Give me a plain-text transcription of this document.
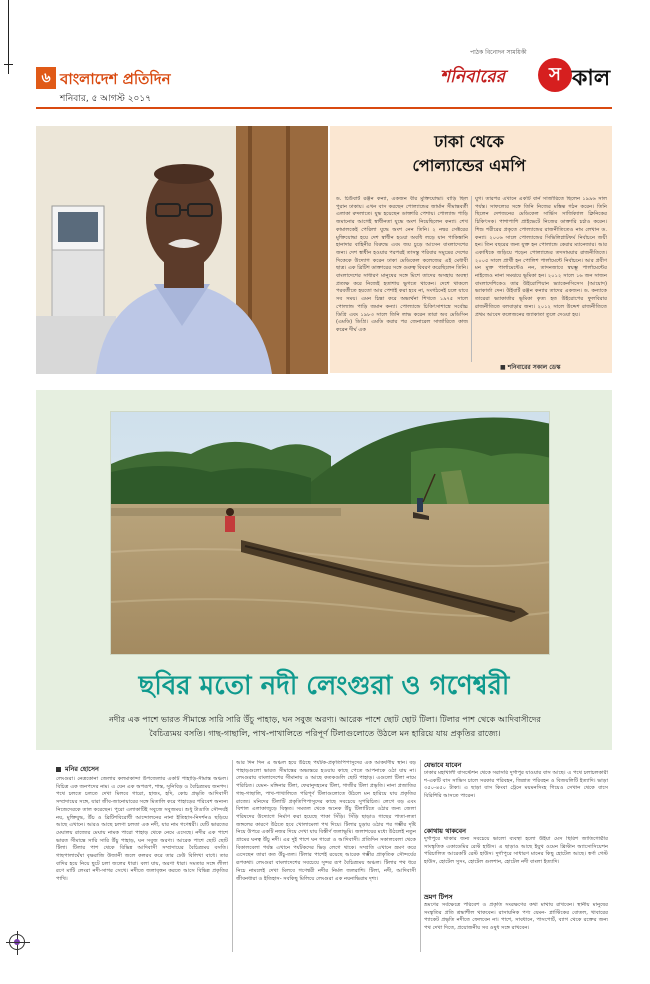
৬ বাংলাদেশ প্রতিদিন
শনিবার, ৫ আগস্ট ২০১৭
পাঠক বিনোদন সাময়িকী
শনিবারের	স কাল
ঢাকা থেকে
পোল্যান্ডের এমপি
ড. চিউবার্ট রঞ্জন কন্যা, একজন বীর মুক্তিযোদ্ধা। বাড়ি ছিল পুরান ঢাকায়। এখন বাস করছেন পোল্যান্ডের জার্মান সীমান্তবর্তী এলাকা রুদলাতে। যুদ্ধ হয়েছেন ডাক্তারি পেশায়। পোল্যান্ড পাড়ি জমানোর আগেই স্বাধীনতা যুদ্ধে অংশ নিয়েছিলেন কন্যা। শেখ কামালকেই পেরিলা যুদ্ধে অংশ নেন তিনি। ২ নম্বর সেক্টরের মুক্তিযোদ্ধা হয়ে দেশ স্বাধীন হওয়া অবধি লড়ে যান পাকিস্তানি হানাদার বাহিনীর বিরুদ্ধে এবং জয় চুড়ে আসেন বাংলাদেশের জন্য। দেশ স্বাধীন হওয়ার পরপরই তাসন্তু পরিবার সমুদ্রের দেশের দিকেকে উদ্যোগ করেন ঢাকা মেডিকেল কলেজের এই মেধাবী ছাত্র। এক ব্রিটিশ ডাক্তারের সঙ্গে গুরুত্ব বিবরণ করেছিলেন তিনি। বাংলাদেশের সাধারণ মানুষের সঙ্গে মিশে তাদের অসহায় অবস্থা প্রত্যক্ষ করে নিজেই হতাশায় ভুগতে থাকেন। দেশে থাকলে পরবর্তীতে হয়তো আর পেশাই করা হবে না, সংগঠনেই চলে যাবে সব সময়। এমন চিন্তা করে অভ্যর্থনা শিখতে ১৯৭৫ সালে পোল্যান্ড পাড়ি জমান কন্যা। পোল্যান্ডে চিকিৎসাশাস্ত্রে সর্বোচ্চ ডিগ্রি এবং ১৯৮৩ সালে তিনি লাভ করেন তারা অব মেডিসিন (এমডি) ডিগ্রি। এমডি করার পর জেনারেল সার্জারিতে কাজ করেন দীর্ঘ এক
যুগ। তারপর এখানে একটি বার্ন সার্জারিতে ছিলেন ১৯৯৬ সাল পর্যন্ত। সাফল্যের সঙ্গে তিনি নিজের মস্তিষ্ক গঠন করেন। তিনি ছিলেন দেশজনের মেডিকেল সার্ভিস সার্জিক্যাল ক্লিনিকের চিকিৎসক। পাশাপাশি প্রাইভেটে নিজের ডাক্তারি চর্চাও করেন। শিশু শরীরের প্রকৃতে পোল্যান্ডের রাজনীতিতেও নাম লেখান ড. কন্যা। ২০০৬ সালে পোল্যান্ডের সিভিলিপ্লাটফর্ম নির্বাচনে জয়ী হন। তিন বছরের জন্য যুক্ত হন পোলান্ডে কেরার ম্যানেজার। আর একাধিকে জড়িয়ে পড়েন পোল্যান্ডের তদসাময়ার রাজনীতিতে। ২০০৫ সালে প্রার্থী হন পোলিশ পার্লামেন্টে নির্বাচনে। আর প্রবীণ মন মুক্ত পার্লামেন্টেও নন, তাদনজাবে স্বয়ম্ভূ পার্লামেন্টের নাইজেও নানা সমঝয়ে ভূমিকা হন। ২০১২ সালে ১৬ জন সাজন বাংলাদেশিকেও তার উইরোপিয়ান ভ্যাকেনসিসেস (আয়োদ) ভ্যাকার্তা দেন। উইবার্ট রঞ্জন কন্যার তাদের একজন। ড. কন্যাকে তারেরা ভ্যাকার্তার ভূমিকা কৃত্য হত উইরোপের ফুলবিরার রাজনীতিতে বলবাড়ার জন্য। ২০১২ সালে উদ্দেশ রাজনীতিতে প্রথম আবেদ কলেজনের জ্যাকাতা তুলে দেওয়া হয়।
■ শনিবারের সকাল ডেস্ক
ছবির মতো নদী লেংগুরা ও গণেশ্বরী
নদীর এক পাশে ভারত সীমান্তে সারি সারি উঁচু পাহাড়, ঘন সবুজ অরণ্য। আরেক পাশে ছোট ছোট টিলা। টিলার পাশ থেকে আদিবাসীদের
বৈচিত্র্যময় বসতি। গাছ-গাছালি, পাখ-পাখালিতে পরিপূর্ণ টিলাগুলোতে উঠলে মন হারিয়ে যায় প্রকৃতির রাজ্যে।
মনির হোসেন
লেংগুরা। নেত্রকোনা জেলার কলমাকান্দা উপজেলার একটি পাহাড়ি-সীমান্ত অঞ্চল। বিচিত্র এক জনপদের নাম। এ যেন এক অপরূপ, শান্ত, সুনিবিড় ও বৈচিত্র্যময় জনপদ। পথে চলতে চলতে দেখা মিলবে গারো, হাজং, হদি, কোচ প্রভৃতি আদিবাসী সম্প্রদায়ের সঙ্গে, যারা জীব-জানোয়ারের সঙ্গে মিতালি করে পাহাড়ের পরিবেশ অন্যন্য নিজেদেরকে তাল করেছেন। পুরো এলাকাটিই সবুজে সবুজময়। শুধু টাঙাতি সৌন্দর্যই নয়, মুক্তিযুদ্ধ, উঁচ ও ব্রিটিশবিরোধী আন্দোলনের নানা ইতিহাস-নিদর্শনও ছড়িয়ে আছে এখানে। আরও আছে চলণা চলতা এক নদী, যার নাম গণেশ্বরী। যেটি ভারতের মেঘালয় রাজ্যের মেঘায় নামক পারো পাহাড় থেকে নেমে এসেছে। নদীর এক পাশে ভারত সীমান্তে সারি সারি উঁচু পাহাড়, ঘন সবুজ অরণ্য। আরেক পাশে ছোট ছোট টিলা। টিলার পাশ থেকে বিভিন্ন আদিবাসী সম্প্রদায়ের বৈচিত্র্যময় বসতি। গাছপালাঘেঁষা বৃক্ষরাজি উজানী জলে কলরব করে তার ঢেউ বিলিখা বাধে। তার বাদির হয়ে নিয়ে ছুটে চলা জলের ধারা। বলা যায়, অরণা ধারা। সমতার সঙ্গে লীলা রণে মাটি লেংরা নদী-সাগর সেখে। নদীতে জলাবৃত্তন করতে আসে বিভিন্ন প্রকৃতির পাখি।
আর দিন দিন এ অঞ্চল হয়ে উঠছে পর্যটক-প্রকৃতিপিপাসুদের এক আকর্ষণীয় স্থান। বড় পাহাড়গুলো ভারত সীমান্তের অভ্যন্তরে হওয়ায় কাছে পেতে আপনাকে ওঠা যায় না। লেংগুরায় বাংলাদেশের সীমানায় ও আছে কতকগুলি ছোট পাহাড়। এগুলো টিলা নামে পরিচিত। যেমন- মঙ্গিনার টিলা, ফেরানুদহনের টিলা, গাজীর টিলা প্রভৃতি। নানা প্রজাতির গাছ-গাছালি, পাখ-পাখালিতে পরিপূর্ণ টিলাগুলোতে উঠলে মন হারিয়ে যায় প্রকৃতির রাজ্যে। মনিদের টিলাটি প্রকৃতিপিপাসুদের কাছে সবচেয়ে সুপরিচিত। লেগে বড় এবং বিশাল এলাকাজুড়ে বিস্তৃত। সমতল থেকে অনেক উঁচু টিলাটিতে ওঠার জন্য জেলা পরিষদের উদ্যোগে নির্মাণ করা হয়েছে পাকা সিঁড়ি। সিঁড়ি ছাড়াও গাছের পাতা-লতা জঙ্গলের কারণে উঠতে হবে খোলামেলা পথ দিয়ে। টিলার চূড়ায় ওঠার পর গম্ভীর দৃষ্টি নিয়ে উপরে একটি নজর দিয়ে দেখা যায় বিস্তীর্ণ জলাভূমি। জলাশয়ের মধ্যে উঠলেই নতুন গ্রামের ঘনত্ব উঁচু নদী। এর দুই পাশে ঘন গারো ও আদিবাসী। প্রতিদিন সকালবেলা থেকে বিকালবেলা পর্যন্ত এখানে পর্যটকদের ভিড় লেগে থাকে। সম্প্রতি এখানে ভ্রমণ করে এসেছেন তারা কত উঁচু-তল। টিলার পাশেই রয়েছে আরেক গম্ভীর প্রাকৃতিক সৌন্দর্যের রূপকথা। লেংগুরা বাংলাদেশের সবচেয়ে সুন্দর রূপ বৈচিত্র্যময় অঞ্চল। টিলার পথ ধরে নিচে নামলেই দেখা মিলবে গণেশ্বরী নদীর নির্মল জলরাশি। টিলা, নদী, আদিবাসী জীবনধারা ও ইতিহাস- সবকিছু মিলিয়ে লেংগুরা এক নয়নাভিরাম দৃশ্য।
যেভাবে যাবেন
ঢাকার মহাখালী বাসস্টেশন থেকে সরাসরি দুর্গাপুর যাওয়ার বাস আছে। এ পথে চলাচলকারী শ-একটি বাস সাভিস চালে সরকার পরিবহন, জিন্নাত পরিবহন ও বিজয়লিটি ইত্যাদি। ভাড়া ৩৫০-৪৫০ টাকা। এ ছাড়া বাস কিংবা ট্রেনে ময়মনসিংহ গিয়েও সেখান থেকে বাসে বিরিশিরি আসতে পারেন।
কোথায় থাকবেন
দুর্গাপুরে থাকার জন্য সবচেয়ে ভালো ব্যবস্থা হলো উইয়া মেস ছিরিশ জাতিগোষ্ঠীর সাংস্কৃতিক একাডেমির রেস্ট হাউস। এ ছাড়াও আছে ইয়ুথ ওমেন খ্রিস্টান অ্যাসোসিয়েশন পরিচালিত আরেকটি রেস্ট হাউস। দুর্গাপুরে সাধারণ মানের কিছু হোটেল আছে। স্বর্ণা গেস্ট হাউস, হোটেল সুসং, হোটেল গুলশান, হোটেল নদী বাংলা ইত্যাদি।
ভ্রমণ টিপস
ভ্রমণের সর্বক্ষেত্রে পরিবেশ ও প্রকৃতি সংরক্ষণের কথা মাথায় রাখবেন। স্থানীয় মানুষের সংস্কৃতির প্রতি শ্রদ্ধাশীল থাকবেন। রাসায়নিক পণ্য যেমন- প্লাস্টিকের বোতল, খাবারের প্যাকেট প্রভৃতি নদীতে ফেলবেন না। পাশে, সাবধানে, পাসপোর্ট, ব্যাগ থেকে রক্তের জন্য পথ দেখা দিতে, প্রয়োজনীয় সব ওষুধ সঙ্গে রাখবেন।
